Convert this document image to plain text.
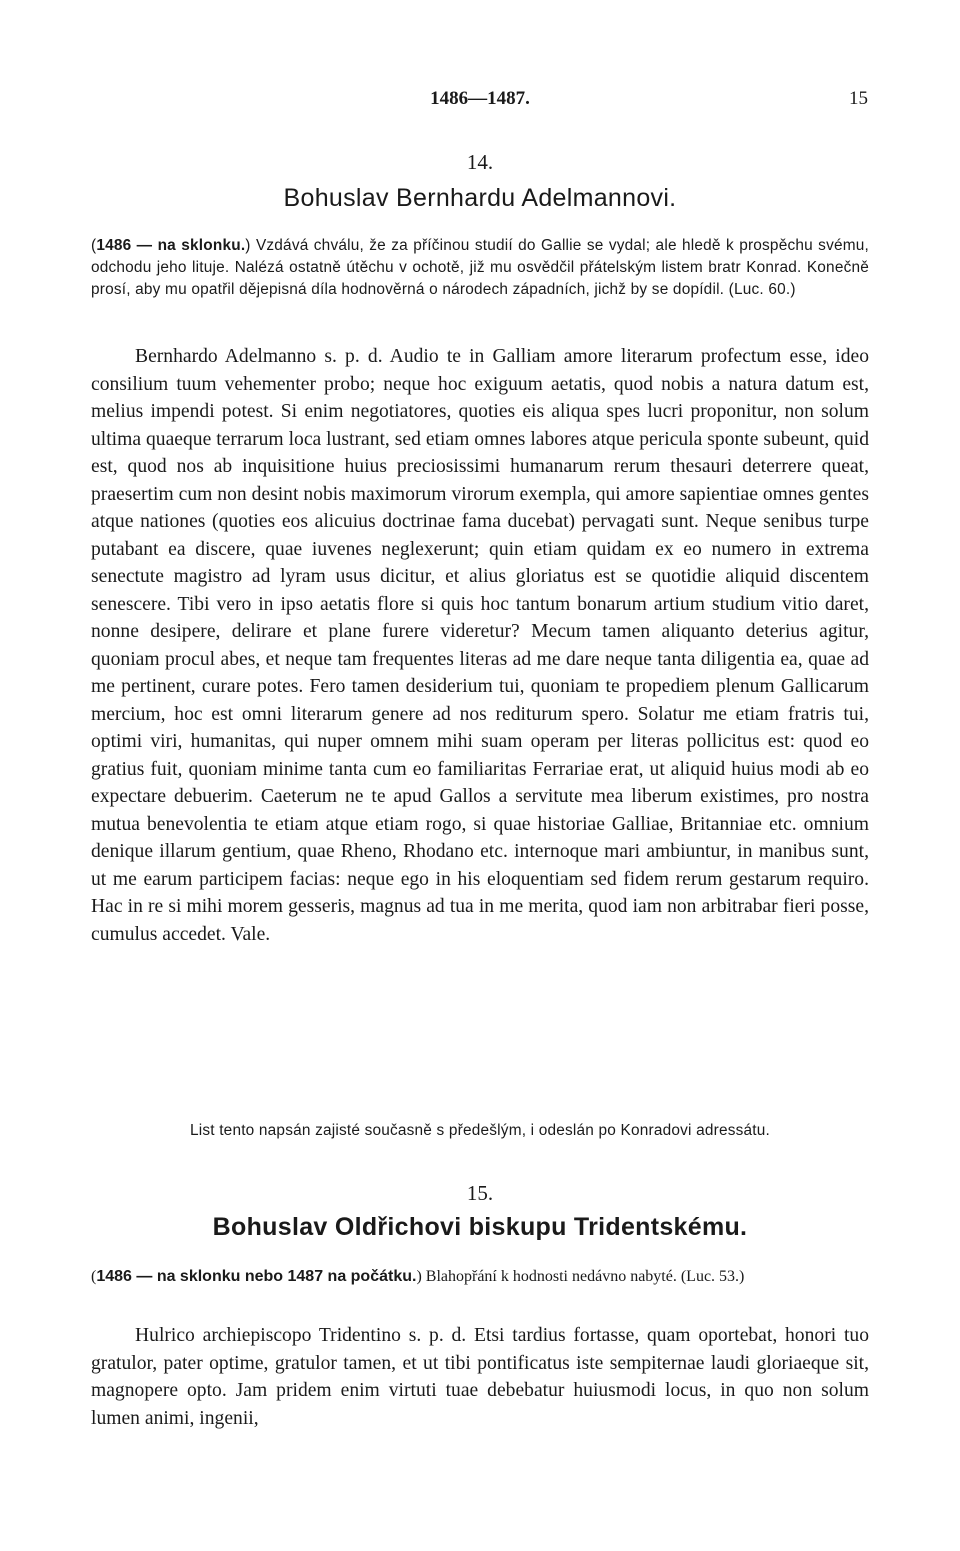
1486—1487.	15
14.
Bohuslav Bernhardu Adelmannovi.
(1486 — na sklonku.) Vzdává chválu, že za příčinou studií do Gallie se vydal; ale hledě k prospěchu svému, odchodu jeho lituje. Nalézá ostatně útěchu v ochotě, již mu osvědčil přátelským listem bratr Konrad. Konečně prosí, aby mu opatřil dějepisná díla hodnověrná o národech západních, jichž by se dopídil. (Luc. 60.)

Bernhardo Adelmanno s. p. d. Audio te in Galliam amore literarum profectum esse, ideo consilium tuum vehementer probo; neque hoc exiguum aetatis, quod nobis a natura datum est, melius impendi potest. Si enim negotiatores, quoties eis aliqua spes lucri proponitur, non solum ultima quaeque terrarum loca lustrant, sed etiam omnes labores atque pericula sponte subeunt, quid est, quod nos ab inquisitione huius preciosissimi humanarum rerum thesauri deterrere queat, praesertim cum non desint nobis maximorum virorum exempla, qui amore sapientiae omnes gentes atque nationes (quoties eos alicuius doctrinae fama ducebat) pervagati sunt. Neque senibus turpe putabant ea discere, quae iuvenes neglexerunt; quin etiam quidam ex eo numero in extrema senectute magistro ad lyram usus dicitur, et alius gloriatus est se quotidie aliquid discentem senescere. Tibi vero in ipso aetatis flore si quis hoc tantum bonarum artium studium vitio daret, nonne desipere, delirare et plane furere videretur? Mecum tamen aliquanto deterius agitur, quoniam procul abes, et neque tam frequentes literas ad me dare neque tanta diligentia ea, quae ad me pertinent, curare potes. Fero tamen desiderium tui, quoniam te propediem plenum Gallicarum mercium, hoc est omni literarum genere ad nos rediturum spero. Solatur me etiam fratris tui, optimi viri, humanitas, qui nuper omnem mihi suam operam per literas pollicitus est: quod eo gratius fuit, quoniam minime tanta cum eo familiaritas Ferrariae erat, ut aliquid huius modi ab eo expectare debuerim. Caeterum ne te apud Gallos a servitute mea liberum existimes, pro nostra mutua benevolentia te etiam atque etiam rogo, si quae historiae Galliae, Britanniae etc. omnium denique illarum gentium, quae Rheno, Rhodano etc. internoque mari ambiuntur, in manibus sunt, ut me earum participem facias: neque ego in his eloquentiam sed fidem rerum gestarum requiro. Hac in re si mihi morem gesseris, magnus ad tua in me merita, quod iam non arbitrabar fieri posse, cumulus accedet. Vale.

List tento napsán zajisté současně s předešlým, i odeslán po Konradovi adressátu.
15.
Bohuslav Oldřichovi biskupu Tridentskému.
(1486 — na sklonku nebo 1487 na počátku.) Blahopřání k hodnosti nedávno nabyté. (Luc. 53.)

Hulrico archiepiscopo Tridentino s. p. d. Etsi tardius fortasse, quam oportebat, honori tuo gratulor, pater optime, gratulor tamen, et ut tibi pontificatus iste sempiternae laudi gloriaeque sit, magnopere opto. Jam pridem enim virtuti tuae debebatur huiusmodi locus, in quo non solum lumen animi, ingenii,
